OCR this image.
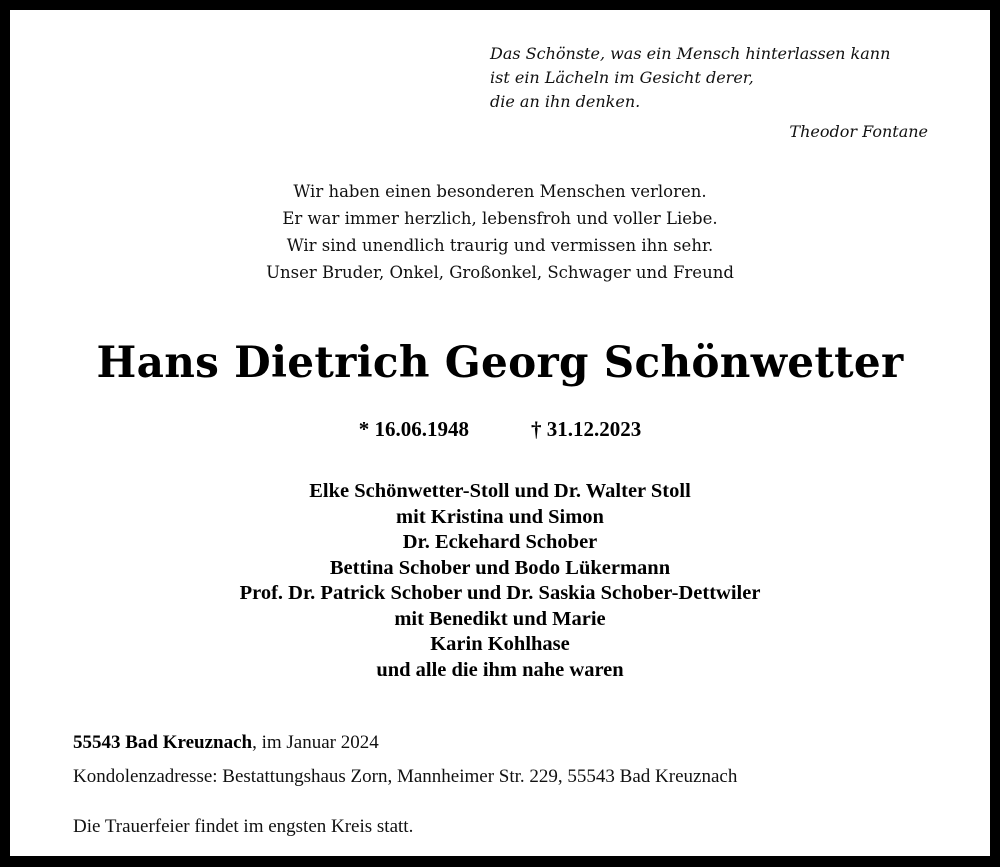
Das Schönste, was ein Mensch hinterlassen kann
ist ein Lächeln im Gesicht derer,
die an ihn denken.
Theodor Fontane
Wir haben einen besonderen Menschen verloren.
Er war immer herzlich, lebensfroh und voller Liebe.
Wir sind unendlich traurig und vermissen ihn sehr.
Unser Bruder, Onkel, Großonkel, Schwager und Freund
Hans Dietrich Georg Schönwetter
* 16.06.1948	† 31.12.2023
Elke Schönwetter-Stoll und Dr. Walter Stoll
mit Kristina und Simon
Dr. Eckehard Schober
Bettina Schober und Bodo Lükermann
Prof. Dr. Patrick Schober und Dr. Saskia Schober-Dettwiler
mit Benedikt und Marie
Karin Kohlhase
und alle die ihm nahe waren
55543 Bad Kreuznach, im Januar 2024
Kondolenzadresse: Bestattungshaus Zorn, Mannheimer Str. 229, 55543 Bad Kreuznach
Die Trauerfeier findet im engsten Kreis statt.
